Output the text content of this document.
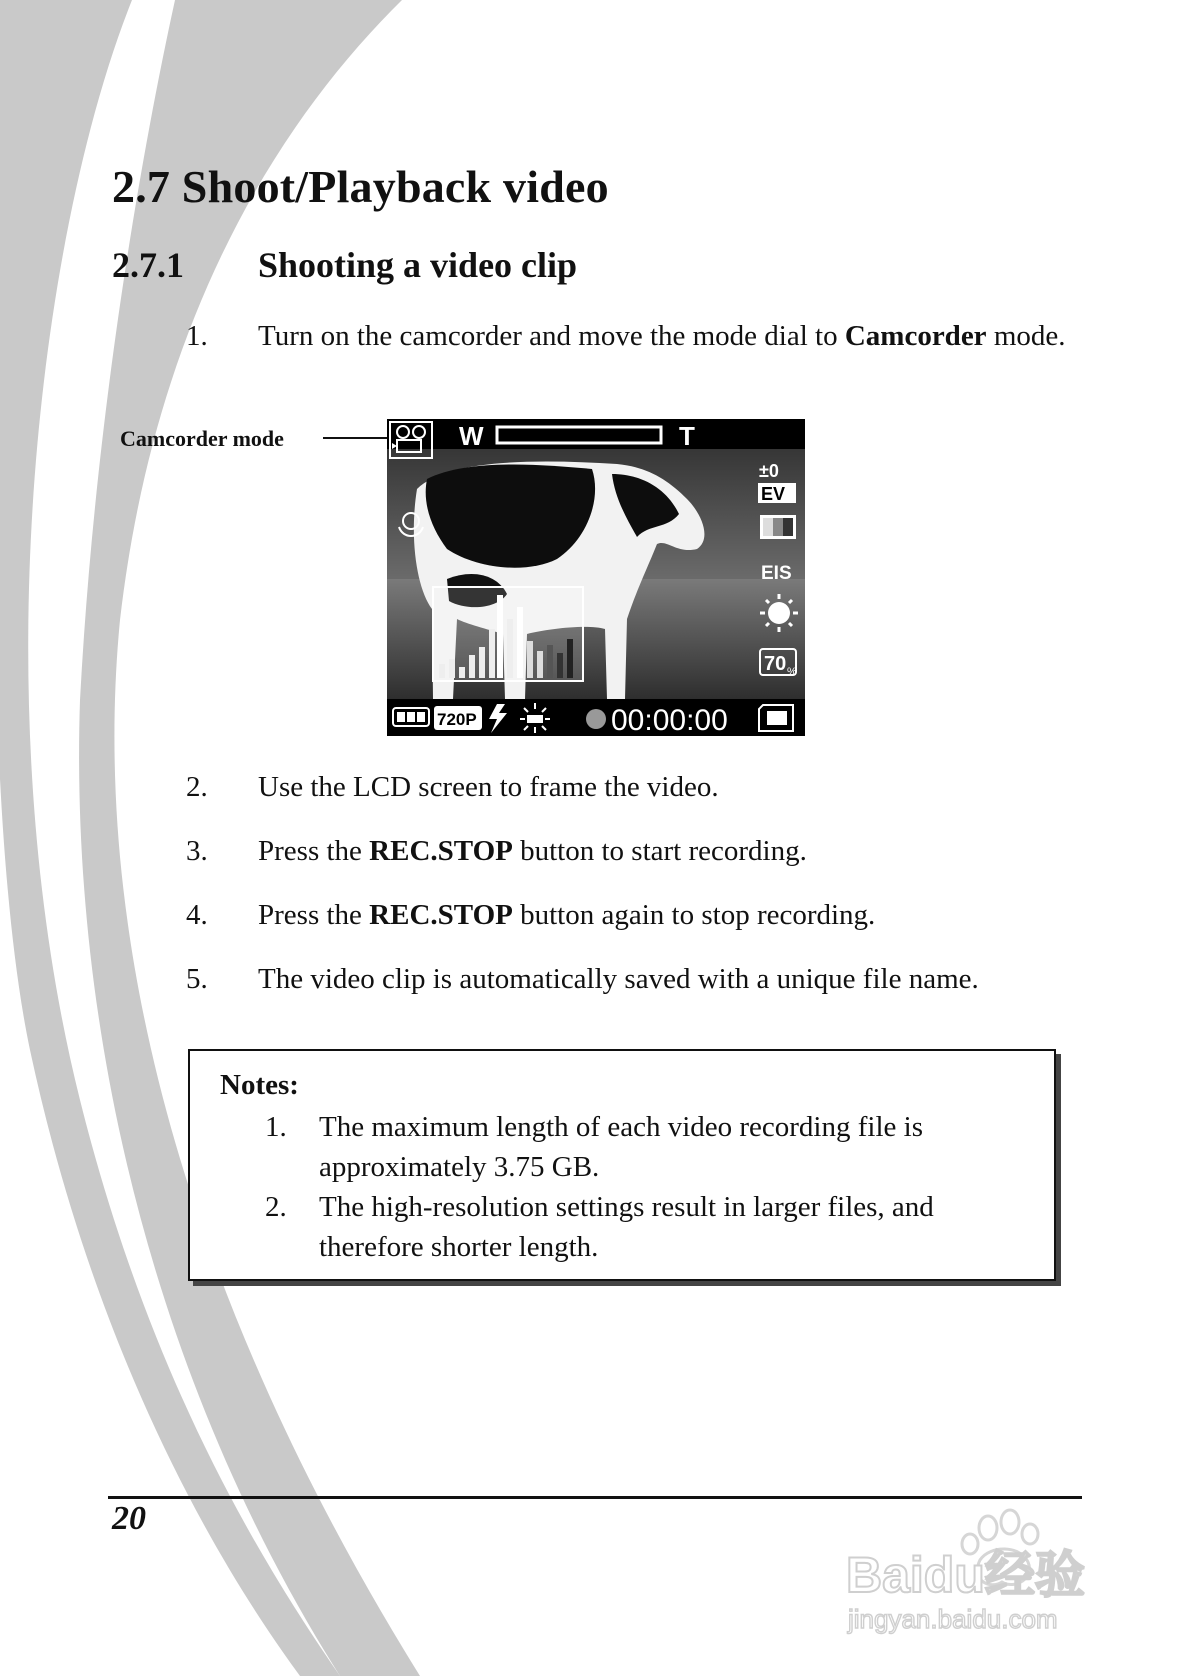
2.7 Shoot/Playback video
2.7.1 Shooting a video clip
1. Turn on the camcorder and move the mode dial to Camcorder mode.
Camcorder mode	W	T
±0
EV
EIS
70 %
720P	00:00:00
2. Use the LCD screen to frame the video.
3. Press the REC.STOP button to start recording.
4. Press the REC.STOP button again to stop recording.
5. The video clip is automatically saved with a unique file name.
Notes:
1. The maximum length of each video recording file is approximately 3.75 GB.
2. The high-resolution settings result in larger files, and therefore shorter length.
20
Baidu经验
jingyan.baidu.com
